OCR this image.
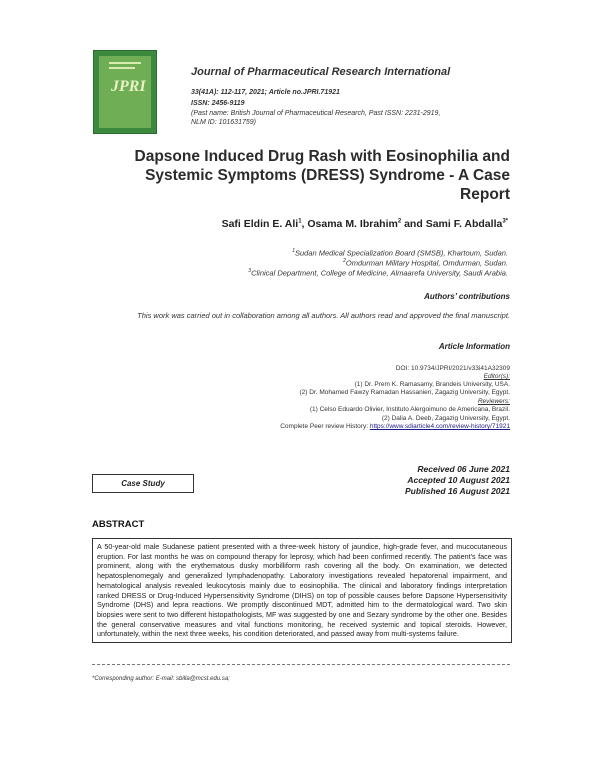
JPRI
Journal of Pharmaceutical Research International
33(41A): 112-117, 2021; Article no.JPRI.71921
ISSN: 2456-9119
(Past name: British Journal of Pharmaceutical Research, Past ISSN: 2231-2919,
NLM ID: 101631759)
Dapsone Induced Drug Rash with Eosinophilia and
Systemic Symptoms (DRESS) Syndrome - A Case
Report
Safi Eldin E. Ali$^1$, Osama M. Ibrahim$^2$ and Sami F. Abdalla$^{3*}$
$^1$Sudan Medical Specialization Board (SMSB), Khartoum, Sudan.
$^2$Omdurman Military Hospital, Omdurman, Sudan.
$^3$Clinical Department, College of Medicine, Almaarefa University, Saudi Arabia.
Authors’ contributions
This work was carried out in collaboration among all authors. All authors read and approved the final manuscript.
Article Information
DOI: 10.9734/JPRI/2021/v33i41A32309
Editor(s):
(1) Dr. Prem K. Ramasamy, Brandeis University, USA.
(2) Dr. Mohamed Fawzy Ramadan Hassanien, Zagazig University, Egypt.
Reviewers:
(1) Celso Eduardo Olivier, Instituto Alergoimuno de Americana, Brazil.
(2) Dalia A. Deeb, Zagazig University, Egypt.
Complete Peer review History: https://www.sdiarticle4.com/review-history/71921
Case Study
Received 06 June 2021
Accepted 10 August 2021
Published 16 August 2021
ABSTRACT
A 50-year-old male Sudanese patient presented with a three-week history of jaundice, high-grade fever, and mucocutaneous eruption. For last months he was on compound therapy for leprosy, which had been confirmed recently. The patient’s face was prominent, along with the erythematous dusky morbilliform rash covering all the body. On examination, we detected hepatosplenomegaly and generalized lymphadenopathy. Laboratory investigations revealed hepatorenal impairment, and hematological analysis revealed leukocytosis mainly due to eosinophilia. The clinical and laboratory findings interpretation ranked DRESS or Drug-Induced Hypersensitivity Syndrome (DIHS) on top of possible causes before Dapsone Hypersensitivity Syndrome (DHS) and lepra reactions. We promptly discontinued MDT, admitted him to the dermatological ward. Two skin biopsies were sent to two different histopathologists, MF was suggested by one and Sezary syndrome by the other one. Besides the general conservative measures and vital functions monitoring, he received systemic and topical steroids. However, unfortunately, within the next three weeks, his condition deteriorated, and passed away from multi-systems failure.
*Corresponding author: E-mail: sbilla@mcst.edu.sa;
